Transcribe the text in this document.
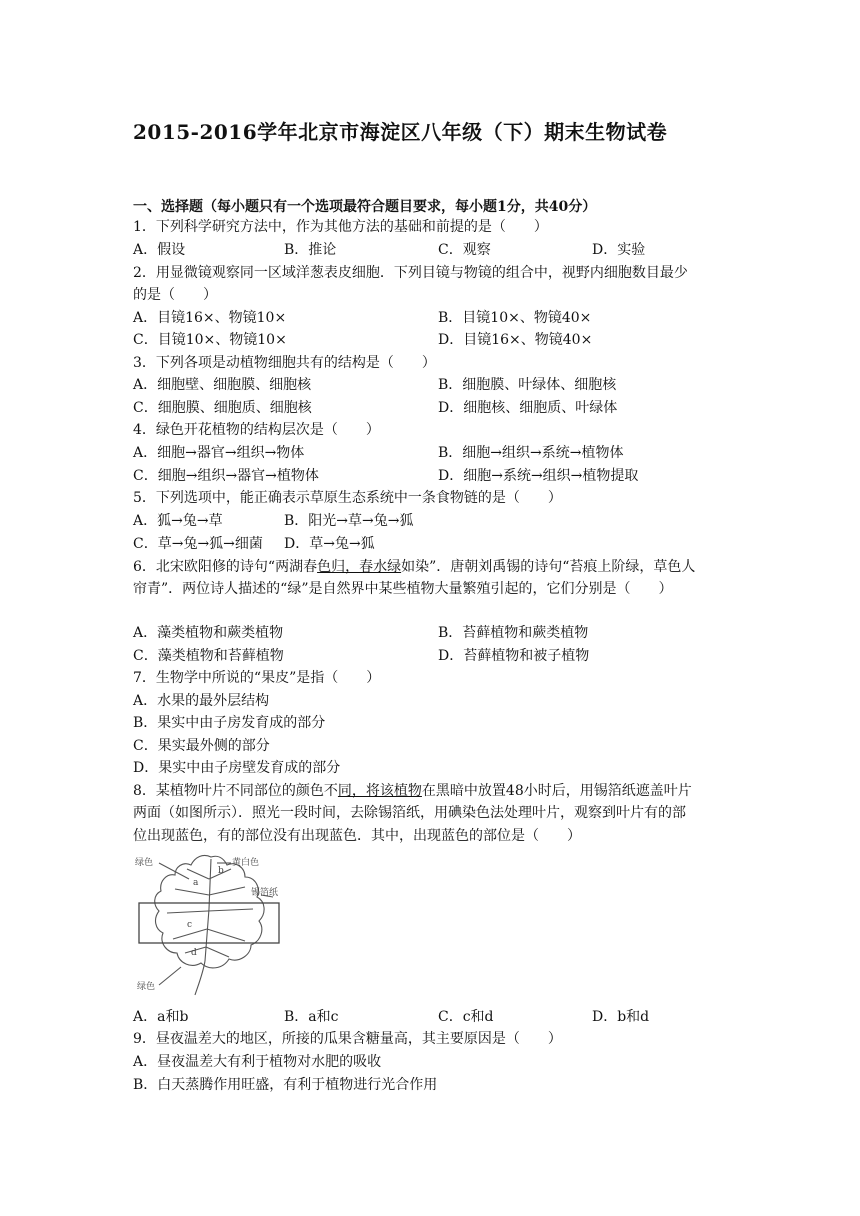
2015-2016学年北京市海淀区八年级（下）期末生物试卷
一、选择题（每小题只有一个选项最符合题目要求，每小题1分，共40分）
1．下列科学研究方法中，作为其他方法的基础和前提的是（　　）
A．假设	B．推论	C．观察	D．实验
2．用显微镜观察同一区域洋葱表皮细胞．下列目镜与物镜的组合中，视野内细胞数目最少
的是（　　）
A．目镜16×、物镜10×	B．目镜10×、物镜40×
C．目镜10×、物镜10×	D．目镜16×、物镜40×
3．下列各项是动植物细胞共有的结构是（　　）
A．细胞壁、细胞膜、细胞核	B．细胞膜、叶绿体、细胞核
C．细胞膜、细胞质、细胞核	D．细胞核、细胞质、叶绿体
4．绿色开花植物的结构层次是（　　）
A．细胞→器官→组织→物体	B．细胞→组织→系统→植物体
C．细胞→组织→器官→植物体	D．细胞→系统→组织→植物提取
5．下列选项中，能正确表示草原生态系统中一条食物链的是（　　）
A．狐→兔→草	B．阳光→草→兔→狐
C．草→兔→狐→细菌 D．草→兔→狐
6．北宋欧阳修的诗句“两湖春色归，春水绿如染”．唐朝刘禹锡的诗句“苔痕上阶绿，草色人
帘青”．两位诗人描述的“绿”是自然界中某些植物大量繁殖引起的，它们分别是（　　）
A．藻类植物和蕨类植物	B．苔藓植物和蕨类植物
C．藻类植物和苔藓植物	D．苔藓植物和被子植物
7．生物学中所说的“果皮”是指（　　）
A．水果的最外层结构
B．果实中由子房发育成的部分
C．果实最外侧的部分
D．果实中由子房壁发育成的部分
8．某植物叶片不同部位的颜色不同，将该植物在黑暗中放置48小时后，用锡箔纸遮盖叶片
两面（如图所示）．照光一段时间，去除锡箔纸，用碘染色法处理叶片，观察到叶片有的部
位出现蓝色，有的部位没有出现蓝色．其中，出现蓝色的部位是（　　）
绿色	黄白色
锡箔纸
绿色
a
b
c
d
A．a和b	B．a和c	C．c和d	D．b和d
9．昼夜温差大的地区，所接的瓜果含糖量高，其主要原因是（　　）
A．昼夜温差大有利于植物对水肥的吸收
B．白天蒸腾作用旺盛，有利于植物进行光合作用
